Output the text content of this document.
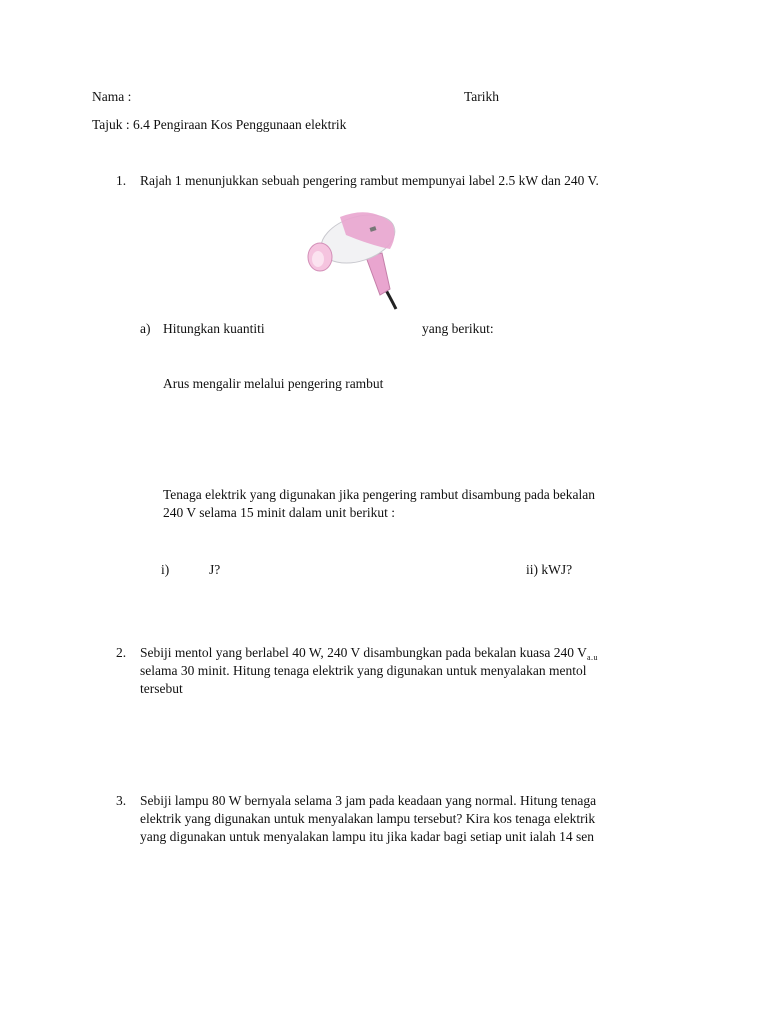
Nama :	Tarikh
Tajuk : 6.4 Pengiraan Kos Penggunaan elektrik
1. Rajah 1 menunjukkan sebuah pengering rambut mempunyai label 2.5 kW dan 240 V.
a) Hitungkan kuantiti	yang berikut:
Arus mengalir melalui pengering rambut
Tenaga elektrik yang digunakan jika pengering rambut disambung pada bekalan
240 V selama 15 minit dalam unit berikut :
i)	J?	ii) kWJ?
2. Sebiji mentol yang berlabel 40 W, 240 V disambungkan pada bekalan kuasa 240 $V_{a.u}$
selama 30 minit. Hitung tenaga elektrik yang digunakan untuk menyalakan mentol
tersebut
3. Sebiji lampu 80 W bernyala selama 3 jam pada keadaan yang normal. Hitung tenaga
elektrik yang digunakan untuk menyalakan lampu tersebut? Kira kos tenaga elektrik
yang digunakan untuk menyalakan lampu itu jika kadar bagi setiap unit ialah 14 sen
